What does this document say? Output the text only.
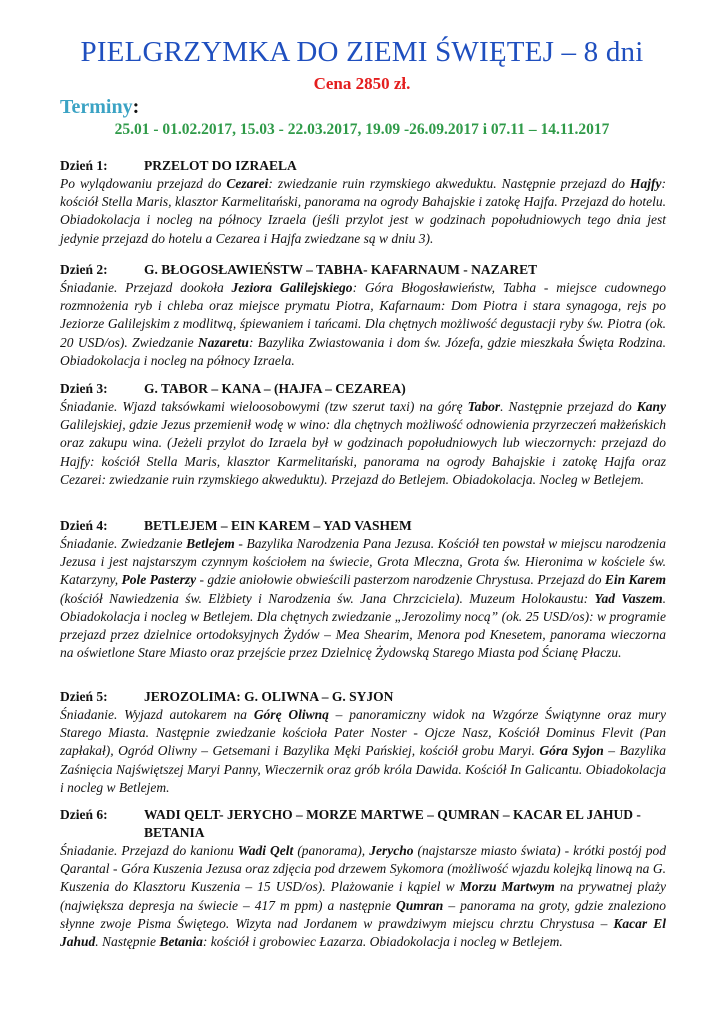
PIELGRZYMKA DO ZIEMI ŚWIĘTEJ – 8 dni
Cena 2850 zł.
Terminy:
25.01 - 01.02.2017, 15.03 - 22.03.2017, 19.09 -26.09.2017 i 07.11 – 14.11.2017
Dzień 1:	PRZELOT DO IZRAELA

Po wylądowaniu przejazd do Cezarei: zwiedzanie ruin rzymskiego akweduktu. Następnie przejazd do Hajfy: kościół Stella Maris, klasztor Karmelitański, panorama na ogrody Bahajskie i zatokę Hajfa. Przejazd do hotelu. Obiadokolacja i nocleg na północy Izraela (jeśli przylot jest w godzinach popołudniowych tego dnia jest jedynie przejazd do hotelu a Cezarea i Hajfa zwiedzane są w dniu 3).

Dzień 2:	G. BŁOGOSŁAWIEŃSTW – TABHA- KAFARNAUM - NAZARET

Śniadanie. Przejazd dookoła Jeziora Galilejskiego: Góra Błogosławieństw, Tabha - miejsce cudownego rozmnożenia ryb i chleba oraz miejsce prymatu Piotra, Kafarnaum: Dom Piotra i stara synagoga, rejs po Jeziorze Galilejskim z modlitwą, śpiewaniem i tańcami. Dla chętnych możliwość degustacji ryby św. Piotra (ok. 20 USD/os). Zwiedzanie Nazaretu: Bazylika Zwiastowania i dom św. Józefa, gdzie mieszkała Święta Rodzina. Obiadokolacja i nocleg na północy Izraela.

Dzień 3:	G. TABOR – KANA – (HAJFA – CEZAREA)

Śniadanie. Wjazd taksówkami wieloosobowymi (tzw szerut taxi) na górę Tabor. Następnie przejazd do Kany Galilejskiej, gdzie Jezus przemienił wodę w wino: dla chętnych możliwość odnowienia przyrzeczeń małżeńskich oraz zakupu wina. (Jeżeli przylot do Izraela był w godzinach popołudniowych lub wieczornych: przejazd do Hajfy: kościół Stella Maris, klasztor Karmelitański, panorama na ogrody Bahajskie i zatokę Hajfa oraz Cezarei: zwiedzanie ruin rzymskiego akweduktu). Przejazd do Betlejem. Obiadokolacja. Nocleg w Betlejem.

Dzień 4:	BETLEJEM – EIN KAREM – YAD VASHEM

Śniadanie. Zwiedzanie Betlejem - Bazylika Narodzenia Pana Jezusa. Kościół ten powstał w miejscu narodzenia Jezusa i jest najstarszym czynnym kościołem na świecie, Grota Mleczna, Grota św. Hieronima w kościele św. Katarzyny, Pole Pasterzy - gdzie aniołowie obwieścili pasterzom narodzenie Chrystusa. Przejazd do Ein Karem (kościół Nawiedzenia św. Elżbiety i Narodzenia św. Jana Chrzciciela). Muzeum Holokaustu: Yad Vaszem. Obiadokolacja i nocleg w Betlejem. Dla chętnych zwiedzanie „Jerozolimy nocą” (ok. 25 USD/os): w programie przejazd przez dzielnice ortodoksyjnych Żydów – Mea Shearim, Menora pod Knesetem, panorama wieczorna na oświetlone Stare Miasto oraz przejście przez Dzielnicę Żydowską Starego Miasta pod Ścianę Płaczu.

Dzień 5:	JEROZOLIMA: G. OLIWNA – G. SYJON

Śniadanie. Wyjazd autokarem na Górę Oliwną – panoramiczny widok na Wzgórze Świątynne oraz mury Starego Miasta. Następnie zwiedzanie kościoła Pater Noster - Ojcze Nasz, Kościół Dominus Flevit (Pan zapłakał), Ogród Oliwny – Getsemani i Bazylika Męki Pańskiej, kościół grobu Maryi. Góra Syjon – Bazylika Zaśnięcia Najświętszej Maryi Panny, Wieczernik oraz grób króla Dawida. Kościół In Galicantu. Obiadokolacja i nocleg w Betlejem.

Dzień 6:	WADI QELT- JERYCHO – MORZE MARTWE – QUMRAN – KACAR EL JAHUD - BETANIA

Śniadanie. Przejazd do kanionu Wadi Qelt (panorama), Jerycho (najstarsze miasto świata) - krótki postój pod Qarantal - Góra Kuszenia Jezusa oraz zdjęcia pod drzewem Sykomora (możliwość wjazdu kolejką linową na G. Kuszenia do Klasztoru Kuszenia – 15 USD/os). Plażowanie i kąpiel w Morzu Martwym na prywatnej plaży (największa depresja na świecie – 417 m ppm) a następnie Qumran – panorama na groty, gdzie znaleziono słynne zwoje Pisma Świętego. Wizyta nad Jordanem w prawdziwym miejscu chrztu Chrystusa – Kacar El Jahud. Następnie Betania: kościół i grobowiec Łazarza. Obiadokolacja i nocleg w Betlejem.
